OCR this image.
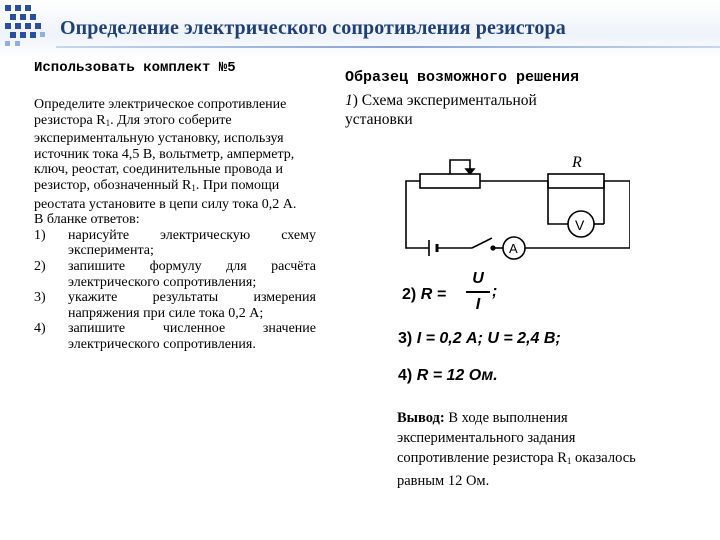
Определение электрического сопротивления резистора
Использовать комплект №5

Определите электрическое сопротивление резистора $R_1$. Для этого соберите экспериментальную установку, используя источник тока 4,5 В, вольтметр, амперметр, ключ, реостат, соединительные провода и резистор, обозначенный $R_1$. При помощи реостата установите в цепи силу тока 0,2 А.

В бланке ответов:

1) нарисуйте электрическую схему эксперимента;
2) запишите формулу для расчёта электрического сопротивления;
3) укажите результаты измерения напряжения при силе тока 0,2 А;
4) запишите численное значение электрического сопротивления.
Образец возможного решения
1) Схема экспериментальной установки
R
V
A
2) R =
U
I
;
3) I = 0,2 А; U = 2,4 В;
4) R = 12 Ом.
Вывод: В ходе выполнения экспериментального задания сопротивление резистора $R_1$ оказалось равным 12 Ом.
